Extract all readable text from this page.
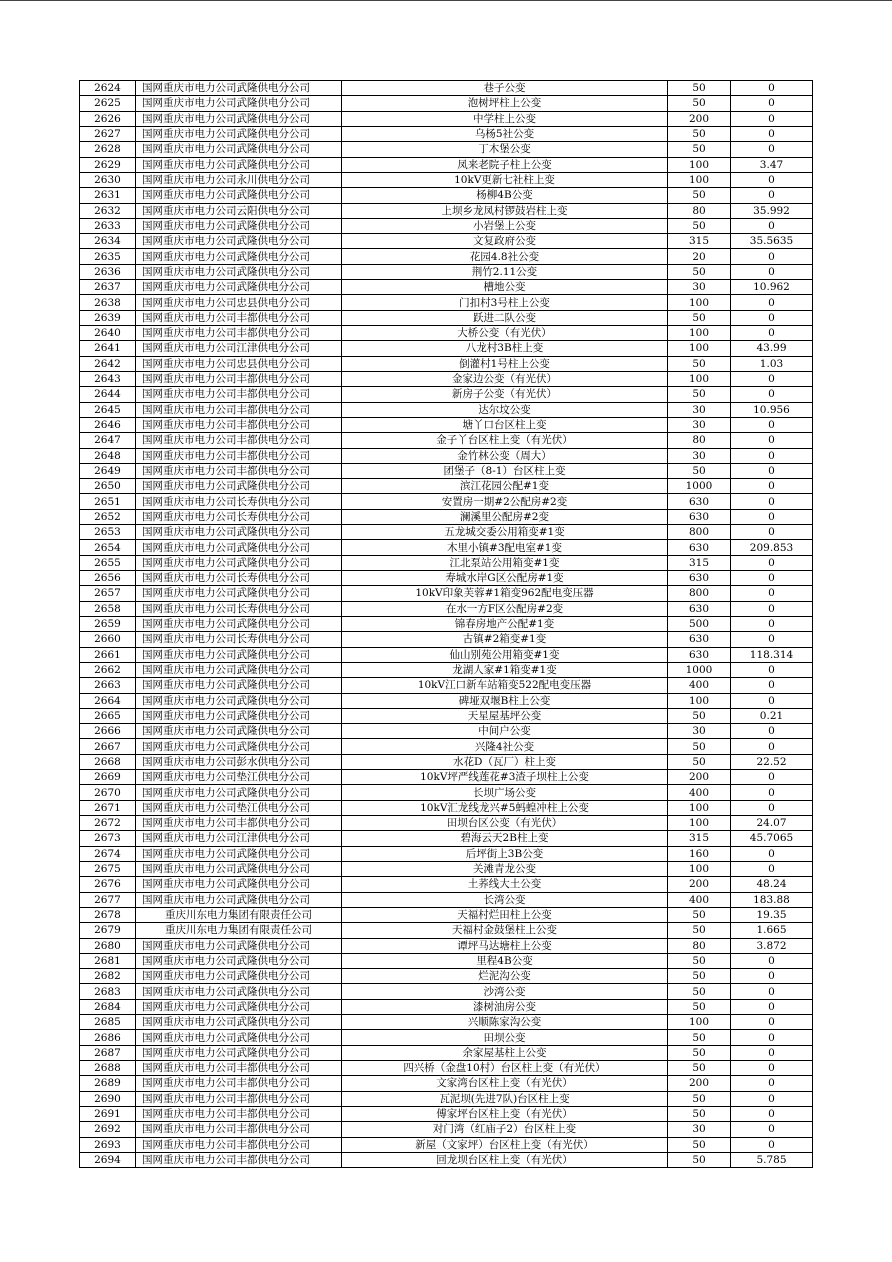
2624	国网重庆市电力公司武隆供电分公司	巷子公变	50	0
2625	国网重庆市电力公司武隆供电分公司	泡树坪柱上公变	50	0
2626	国网重庆市电力公司武隆供电分公司	中学柱上公变	200	0
2627	国网重庆市电力公司武隆供电分公司	乌杨5社公变	50	0
2628	国网重庆市电力公司武隆供电分公司	丁木堡公变	50	0
2629	国网重庆市电力公司武隆供电分公司	凤来老院子柱上公变	100	3.47
2630	国网重庆市电力公司永川供电分公司	10kV更新七社柱上变	100	0
2631	国网重庆市电力公司武隆供电分公司	杨柳4B公变	50	0
2632	国网重庆市电力公司云阳供电分公司	上坝乡龙凤村锣鼓岩柱上变	80	35.992
2633	国网重庆市电力公司武隆供电分公司	小岩堡上公变	50	0
2634	国网重庆市电力公司武隆供电分公司	文复政府公变	315	35.5635
2635	国网重庆市电力公司武隆供电分公司	花园4.8社公变	20	0
2636	国网重庆市电力公司武隆供电分公司	荆竹2.11公变	50	0
2637	国网重庆市电力公司武隆供电分公司	槽地公变	30	10.962
2638	国网重庆市电力公司忠县供电分公司	门扣村3号柱上公变	100	0
2639	国网重庆市电力公司丰都供电分公司	跃进二队公变	50	0
2640	国网重庆市电力公司丰都供电分公司	大桥公变（有光伏）	100	0
2641	国网重庆市电力公司江津供电分公司	八龙村3B柱上变	100	43.99
2642	国网重庆市电力公司忠县供电分公司	倒灌村1号柱上公变	50	1.03
2643	国网重庆市电力公司丰都供电分公司	金家边公变（有光伏）	100	0
2644	国网重庆市电力公司丰都供电分公司	新房子公变（有光伏）	50	0
2645	国网重庆市电力公司丰都供电分公司	达尔坟公变	30	10.956
2646	国网重庆市电力公司丰都供电分公司	塘丫口台区柱上变	30	0
2647	国网重庆市电力公司丰都供电分公司	金子丫台区柱上变（有光伏）	80	0
2648	国网重庆市电力公司丰都供电分公司	金竹林公变（周大）	30	0
2649	国网重庆市电力公司丰都供电分公司	团堡子（8-1）台区柱上变	50	0
2650	国网重庆市电力公司武隆供电分公司	滨江花园公配#1变	1000	0
2651	国网重庆市电力公司长寿供电分公司	安置房一期#2公配房#2变	630	0
2652	国网重庆市电力公司长寿供电分公司	澜溪里公配房#2变	630	0
2653	国网重庆市电力公司武隆供电分公司	五龙城交委公用箱变#1变	800	0
2654	国网重庆市电力公司武隆供电分公司	木里小镇#3配电室#1变	630	209.853
2655	国网重庆市电力公司武隆供电分公司	江北泵站公用箱变#1变	315	0
2656	国网重庆市电力公司长寿供电分公司	寿城水岸G区公配房#1变	630	0
2657	国网重庆市电力公司武隆供电分公司	10kV印象芙蓉#1箱变962配电变压器	800	0
2658	国网重庆市电力公司长寿供电分公司	在水一方F区公配房#2变	630	0
2659	国网重庆市电力公司武隆供电分公司	锦春房地产公配#1变	500	0
2660	国网重庆市电力公司长寿供电分公司	古镇#2箱变#1变	630	0
2661	国网重庆市电力公司武隆供电分公司	仙山别苑公用箱变#1变	630	118.314
2662	国网重庆市电力公司武隆供电分公司	龙湖人家#1箱变#1变	1000	0
2663	国网重庆市电力公司武隆供电分公司	10kV江口新车站箱变522配电变压器	400	0
2664	国网重庆市电力公司武隆供电分公司	碑垭双堰B柱上公变	100	0
2665	国网重庆市电力公司武隆供电分公司	天星屋基坪公变	50	0.21
2666	国网重庆市电力公司武隆供电分公司	中间户公变	30	0
2667	国网重庆市电力公司武隆供电分公司	兴隆4社公变	50	0
2668	国网重庆市电力公司彭水供电分公司	水花D（瓦厂）柱上变	50	22.52
2669	国网重庆市电力公司垫江供电分公司	10kV坪严线莲花#3渣子坝柱上公变	200	0
2670	国网重庆市电力公司武隆供电分公司	长坝广场公变	400	0
2671	国网重庆市电力公司垫江供电分公司	10kV汇龙线龙兴#5蚂蝗冲柱上公变	100	0
2672	国网重庆市电力公司丰都供电分公司	田坝台区公变（有光伏）	100	24.07
2673	国网重庆市电力公司江津供电分公司	碧海云天2B柱上变	315	45.7065
2674	国网重庆市电力公司武隆供电分公司	后坪街上3B公变	160	0
2675	国网重庆市电力公司武隆供电分公司	关滩青龙公变	100	0
2676	国网重庆市电力公司武隆供电分公司	土荞线大土公变	200	48.24
2677	国网重庆市电力公司武隆供电分公司	长湾公变	400	183.88
2678	重庆川东电力集团有限责任公司	天福村烂田柱上公变	50	19.35
2679	重庆川东电力集团有限责任公司	天福村金鼓堡柱上公变	50	1.665
2680	国网重庆市电力公司武隆供电分公司	谭坪马达塘柱上公变	80	3.872
2681	国网重庆市电力公司武隆供电分公司	里程4B公变	50	0
2682	国网重庆市电力公司武隆供电分公司	烂泥沟公变	50	0
2683	国网重庆市电力公司武隆供电分公司	沙湾公变	50	0
2684	国网重庆市电力公司武隆供电分公司	漆树油房公变	50	0
2685	国网重庆市电力公司武隆供电分公司	兴顺陈家沟公变	100	0
2686	国网重庆市电力公司武隆供电分公司	田坝公变	50	0
2687	国网重庆市电力公司武隆供电分公司	余家屋基柱上公变	50	0
2688	国网重庆市电力公司丰都供电分公司	四兴桥（金盘10村）台区柱上变（有光伏）	50	0
2689	国网重庆市电力公司丰都供电分公司	文家湾台区柱上变（有光伏）	200	0
2690	国网重庆市电力公司丰都供电分公司	瓦泥坝(先进7队)台区柱上变	50	0
2691	国网重庆市电力公司丰都供电分公司	傅家坪台区柱上变（有光伏）	50	0
2692	国网重庆市电力公司丰都供电分公司	对门湾（红庙子2）台区柱上变	30	0
2693	国网重庆市电力公司丰都供电分公司	新屋（文家坪）台区柱上变（有光伏）	50	0
2694	国网重庆市电力公司丰都供电分公司	回龙坝台区柱上变（有光伏）	50	5.785
